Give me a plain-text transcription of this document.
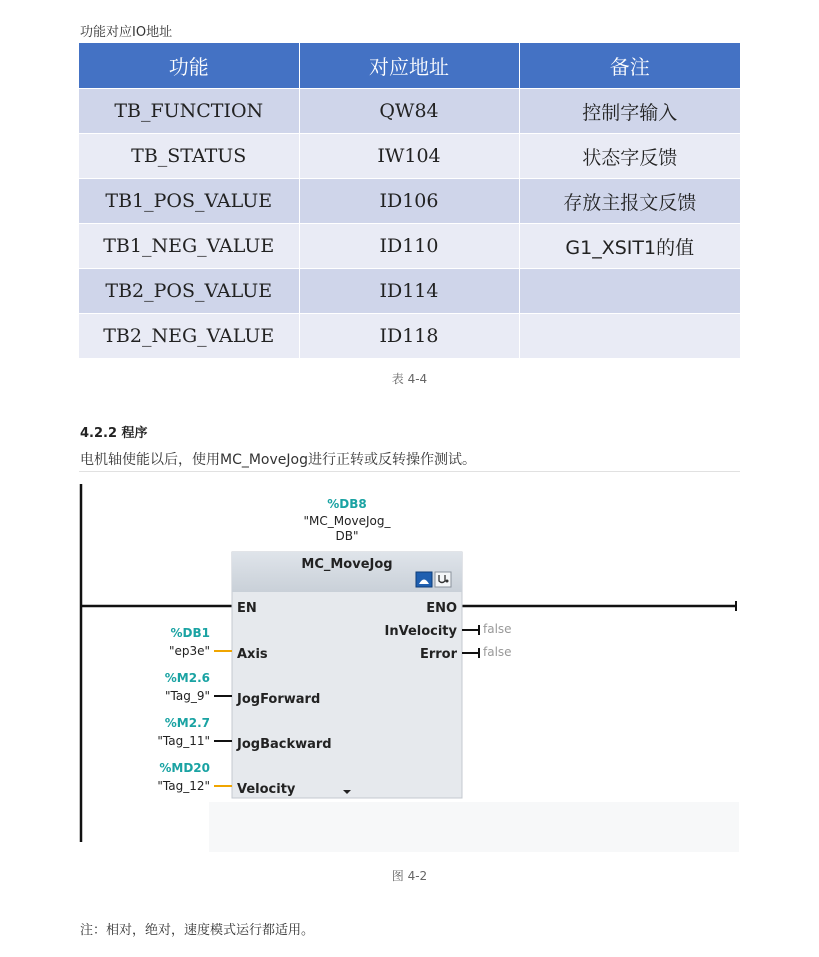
功能对应IO地址
功能	对应地址	备注
TB_FUNCTION	QW84	控制字输入
TB_STATUS	IW104	状态字反馈
TB1_POS_VALUE	ID106	存放主报文反馈
TB1_NEG_VALUE	ID110	G1_XSIT1的值
TB2_POS_VALUE	ID114	
TB2_NEG_VALUE	ID118	
表 4-4
4.2.2 程序
电机轴使能以后，使用MC_MoveJog进行正转或反转操作测试。
%DB8
"MC_MoveJog_
DB"
MC_MoveJog
EN
Axis
JogForward
JogBackward
Velocity
ENO
InVelocity
Error
false
false
%DB1
"ep3e"
%M2.6
"Tag_9"
%M2.7
"Tag_11"
%MD20
"Tag_12"
图 4-2
注：相对，绝对，速度模式运行都适用。
